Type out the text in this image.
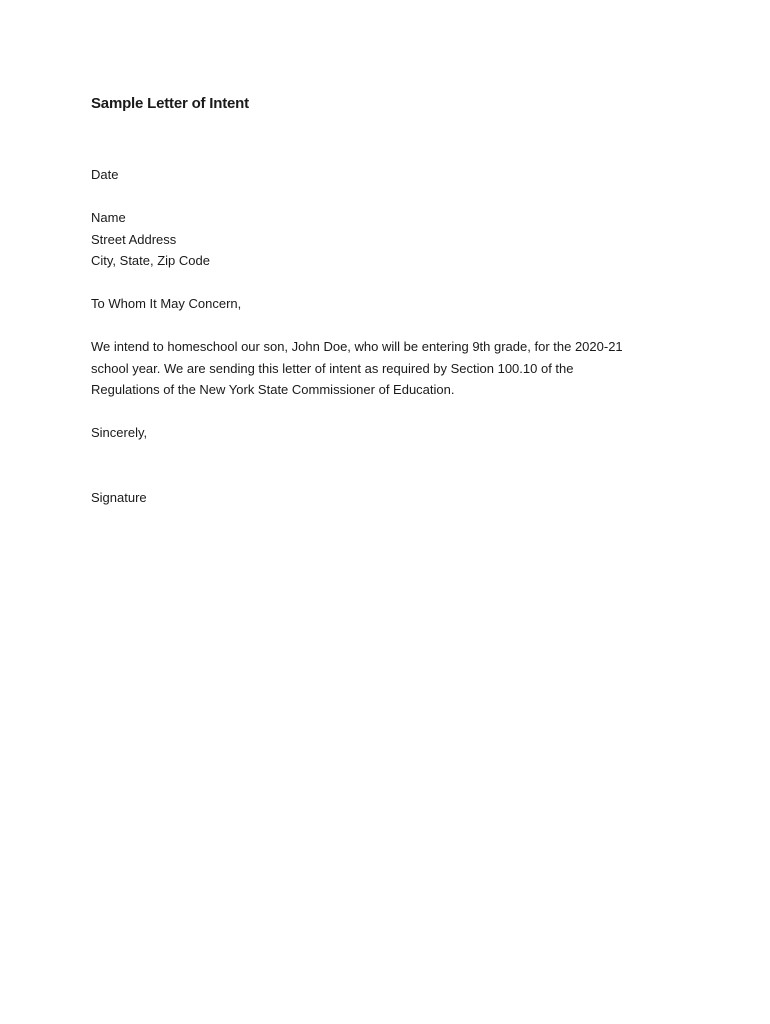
Sample Letter of Intent

Date

Name

Street Address

City, State, Zip Code

To Whom It May Concern,

We intend to homeschool our son, John Doe, who will be entering 9th grade, for the 2020-21

school year. We are sending this letter of intent as required by Section 100.10 of the

Regulations of the New York State Commissioner of Education.

Sincerely,

Signature
